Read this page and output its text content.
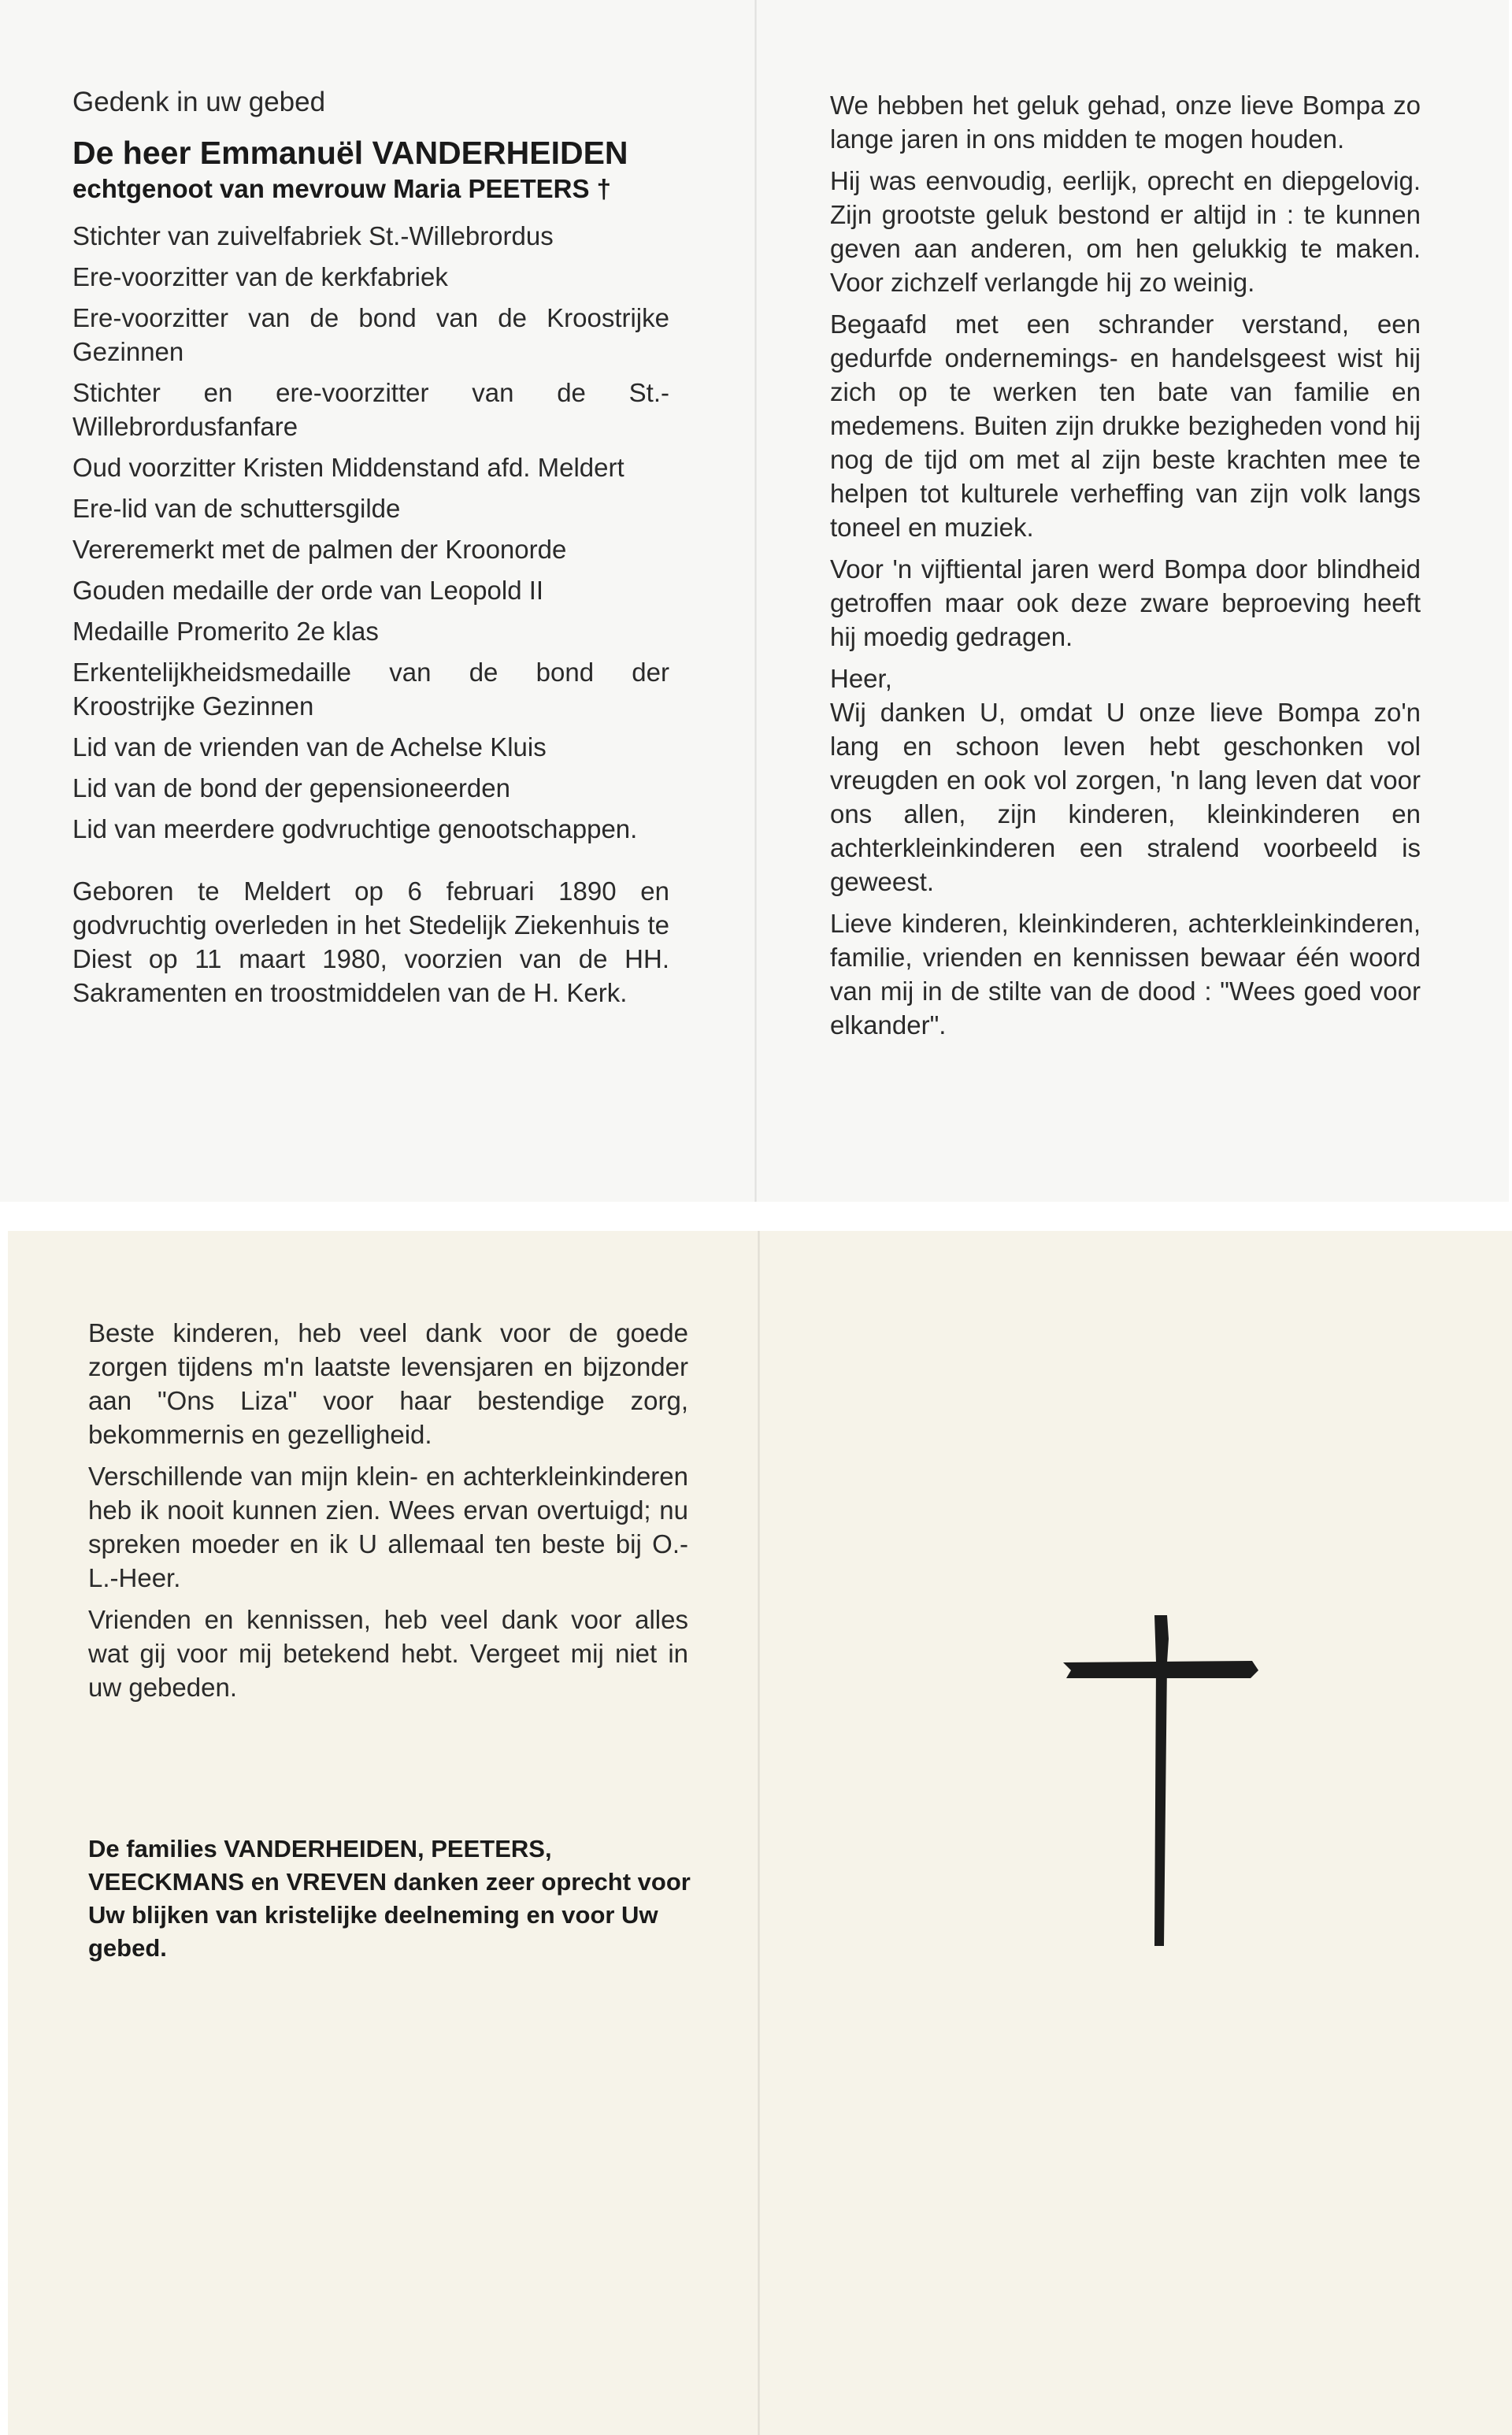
Gedenk in uw gebed

De heer Emmanuël VANDERHEIDEN

echtgenoot van mevrouw Maria PEETERS †

Stichter van zuivelfabriek St.-Willebrordus

Ere-voorzitter van de kerkfabriek

Ere-voorzitter van de bond van de Kroostrijke Gezinnen

Stichter en ere-voorzitter van de St.-Willebrordusfanfare

Oud voorzitter Kristen Middenstand afd. Meldert

Ere-lid van de schuttersgilde

Vereremerkt met de palmen der Kroonorde

Gouden medaille der orde van Leopold II

Medaille Promerito 2e klas

Erkentelijkheidsmedaille van de bond der Kroostrijke Gezinnen

Lid van de vrienden van de Achelse Kluis

Lid van de bond der gepensioneerden

Lid van meerdere godvruchtige genootschappen.

Geboren te Meldert op 6 februari 1890 en godvruchtig overleden in het Stedelijk Ziekenhuis te Diest op 11 maart 1980, voorzien van de HH. Sakramenten en troostmiddelen van de H. Kerk.

We hebben het geluk gehad, onze lieve Bompa zo lange jaren in ons midden te mogen houden.

Hij was eenvoudig, eerlijk, oprecht en diepgelovig. Zijn grootste geluk bestond er altijd in : te kunnen geven aan anderen, om hen gelukkig te maken. Voor zichzelf verlangde hij zo weinig.

Begaafd met een schrander verstand, een gedurfde ondernemings- en handelsgeest wist hij zich op te werken ten bate van familie en medemens. Buiten zijn drukke bezigheden vond hij nog de tijd om met al zijn beste krachten mee te helpen tot kulturele verheffing van zijn volk langs toneel en muziek.

Voor 'n vijftiental jaren werd Bompa door blindheid getroffen maar ook deze zware beproeving heeft hij moedig gedragen.

Heer,

Wij danken U, omdat U onze lieve Bompa zo'n lang en schoon leven hebt geschonken vol vreugden en ook vol zorgen, 'n lang leven dat voor ons allen, zijn kinderen, kleinkinderen en achterkleinkinderen een stralend voorbeeld is geweest.

Lieve kinderen, kleinkinderen, achterkleinkinderen, familie, vrienden en kennissen bewaar één woord van mij in de stilte van de dood : "Wees goed voor elkander".

Beste kinderen, heb veel dank voor de goede zorgen tijdens m'n laatste levensjaren en bijzonder aan "Ons Liza" voor haar bestendige zorg, bekommernis en gezelligheid.

Verschillende van mijn klein- en achterkleinkinderen heb ik nooit kunnen zien. Wees ervan overtuigd; nu spreken moeder en ik U allemaal ten beste bij O.-L.-Heer.

Vrienden en kennissen, heb veel dank voor alles wat gij voor mij betekend hebt. Vergeet mij niet in uw gebeden.

De families VANDERHEIDEN, PEETERS, VEECKMANS en VREVEN danken zeer oprecht voor Uw blijken van kristelijke deelneming en voor Uw gebed.
